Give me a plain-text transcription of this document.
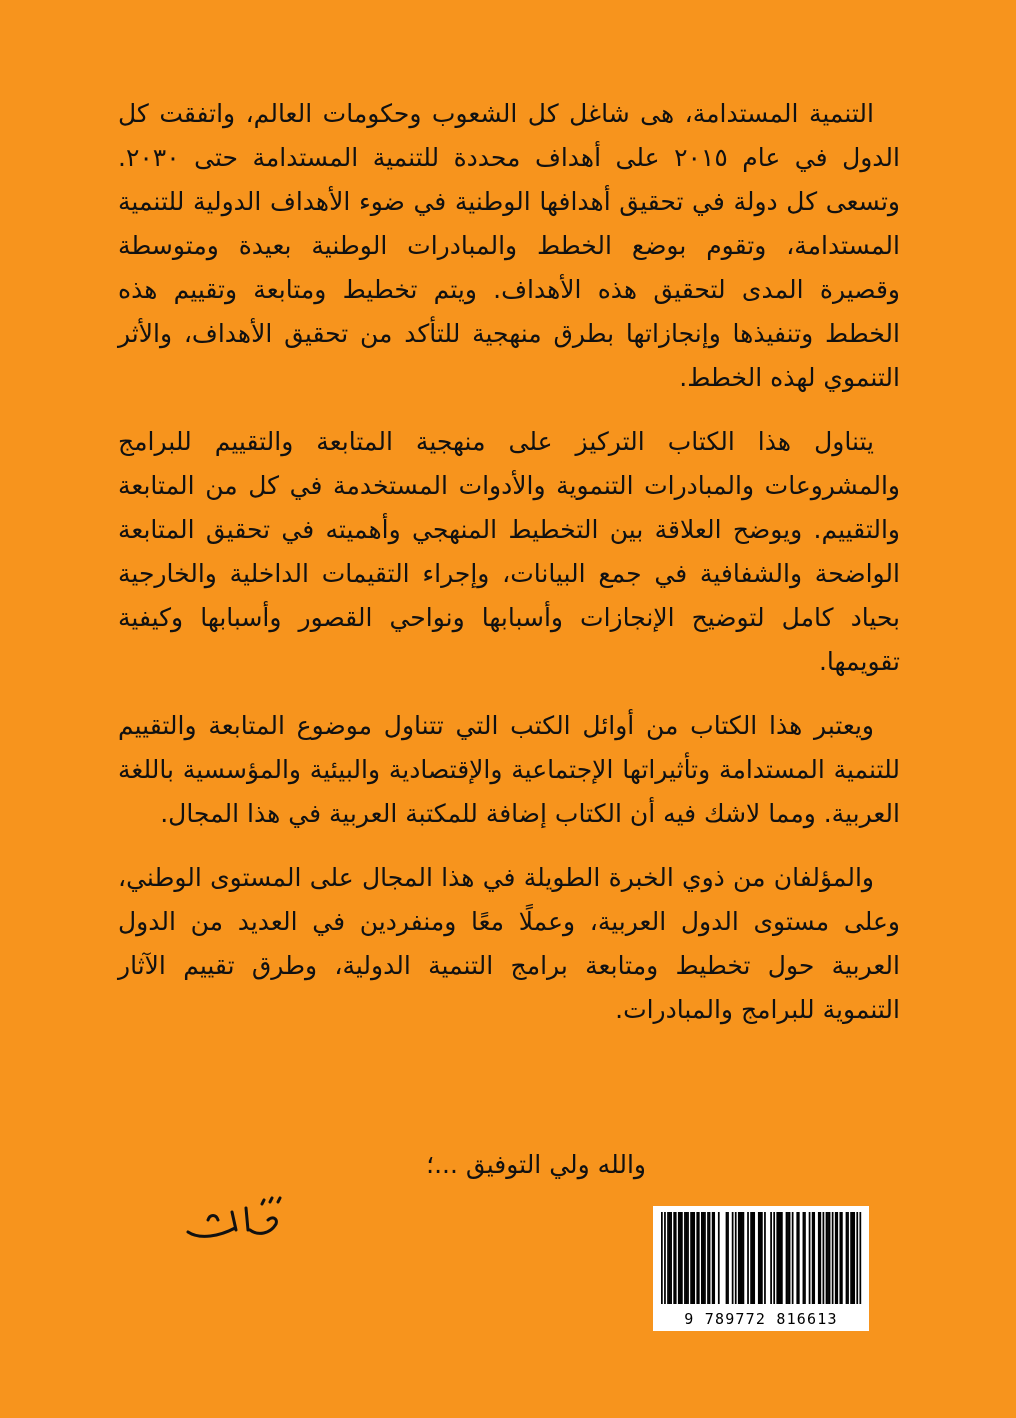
التنمية المستدامة، هى شاغل كل الشعوب وحكومات العالم، واتفقت كل الدول في عام ٢٠١٥ على أهداف محددة للتنمية المستدامة حتى ٢٠٣٠. وتسعى كل دولة في تحقيق أهدافها الوطنية في ضوء الأهداف الدولية للتنمية المستدامة، وتقوم بوضع الخطط والمبادرات الوطنية بعيدة ومتوسطة وقصيرة المدى لتحقيق هذه الأهداف. ويتم تخطيط ومتابعة وتقييم هذه الخطط وتنفيذها وإنجازاتها بطرق منهجية للتأكد من تحقيق الأهداف، والأثر التنموي لهذه الخطط.

يتناول هذا الكتاب التركيز على منهجية المتابعة والتقييم للبرامج والمشروعات والمبادرات التنموية والأدوات المستخدمة في كل من المتابعة والتقييم. ويوضح العلاقة بين التخطيط المنهجي وأهميته في تحقيق المتابعة الواضحة والشفافية في جمع البيانات، وإجراء التقيمات الداخلية والخارجية بحياد كامل لتوضيح الإنجازات وأسبابها ونواحي القصور وأسبابها وكيفية تقويمها.

ويعتبر هذا الكتاب من أوائل الكتب التي تتناول موضوع المتابعة والتقييم للتنمية المستدامة وتأثيراتها الإجتماعية والإقتصادية والبيئية والمؤسسية باللغة العربية. ومما لاشك فيه أن الكتاب إضافة للمكتبة العربية في هذا المجال.

والمؤلفان من ذوي الخبرة الطويلة في هذا المجال على المستوى الوطني، وعلى مستوى الدول العربية، وعملًا معًا ومنفردين في العديد من الدول العربية حول تخطيط ومتابعة برامج التنمية الدولية، وطرق تقييم الآثار التنموية للبرامج والمبادرات.

والله ولي التوفيق ...؛
9 789772 816613
